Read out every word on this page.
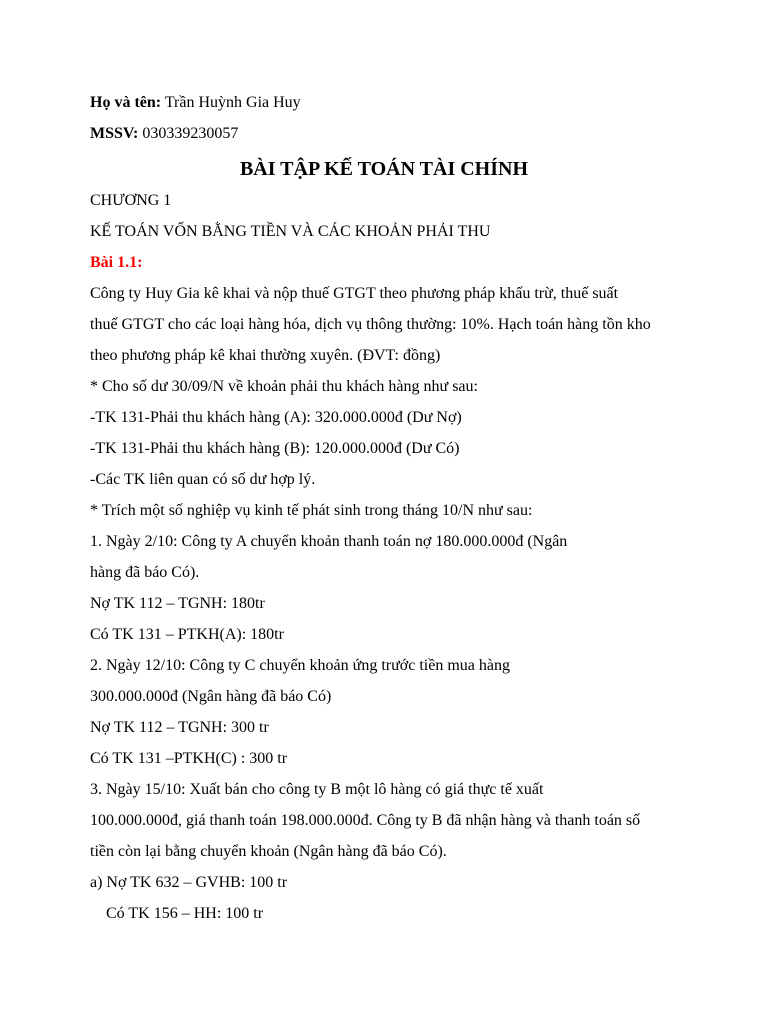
Họ và tên: Trần Huỳnh Gia Huy
MSSV: 030339230057
BÀI TẬP KẾ TOÁN TÀI CHÍNH
CHƯƠNG 1
KẾ TOÁN VỐN BẰNG TIỀN VÀ CÁC KHOẢN PHẢI THU
Bài 1.1:
Công ty Huy Gia kê khai và nộp thuế GTGT theo phương pháp khấu trừ, thuế suất
thuế GTGT cho các loại hàng hóa, dịch vụ thông thường: 10%. Hạch toán hàng tồn kho
theo phương pháp kê khai thường xuyên. (ĐVT: đồng)
* Cho số dư 30/09/N về khoản phải thu khách hàng như sau:
-TK 131-Phải thu khách hàng (A): 320.000.000đ (Dư Nợ)
-TK 131-Phải thu khách hàng (B): 120.000.000đ (Dư Có)
-Các TK liên quan có số dư hợp lý.
* Trích một số nghiệp vụ kinh tế phát sinh trong tháng 10/N như sau:
1. Ngày 2/10: Công ty A chuyển khoản thanh toán nợ 180.000.000đ (Ngân
hàng đã báo Có).
Nợ TK 112 – TGNH: 180tr
Có TK 131 – PTKH(A): 180tr
2. Ngày 12/10: Công ty C chuyển khoản ứng trước tiền mua hàng
300.000.000đ (Ngân hàng đã báo Có)
Nợ TK 112 – TGNH: 300 tr
Có TK 131 –PTKH(C) : 300 tr
3. Ngày 15/10: Xuất bán cho công ty B một lô hàng có giá thực tế xuất
100.000.000đ, giá thanh toán 198.000.000đ. Công ty B đã nhận hàng và thanh toán số
tiền còn lại bằng chuyển khoản (Ngân hàng đã báo Có).
a) Nợ TK 632 – GVHB: 100 tr
Có TK 156 – HH: 100 tr
